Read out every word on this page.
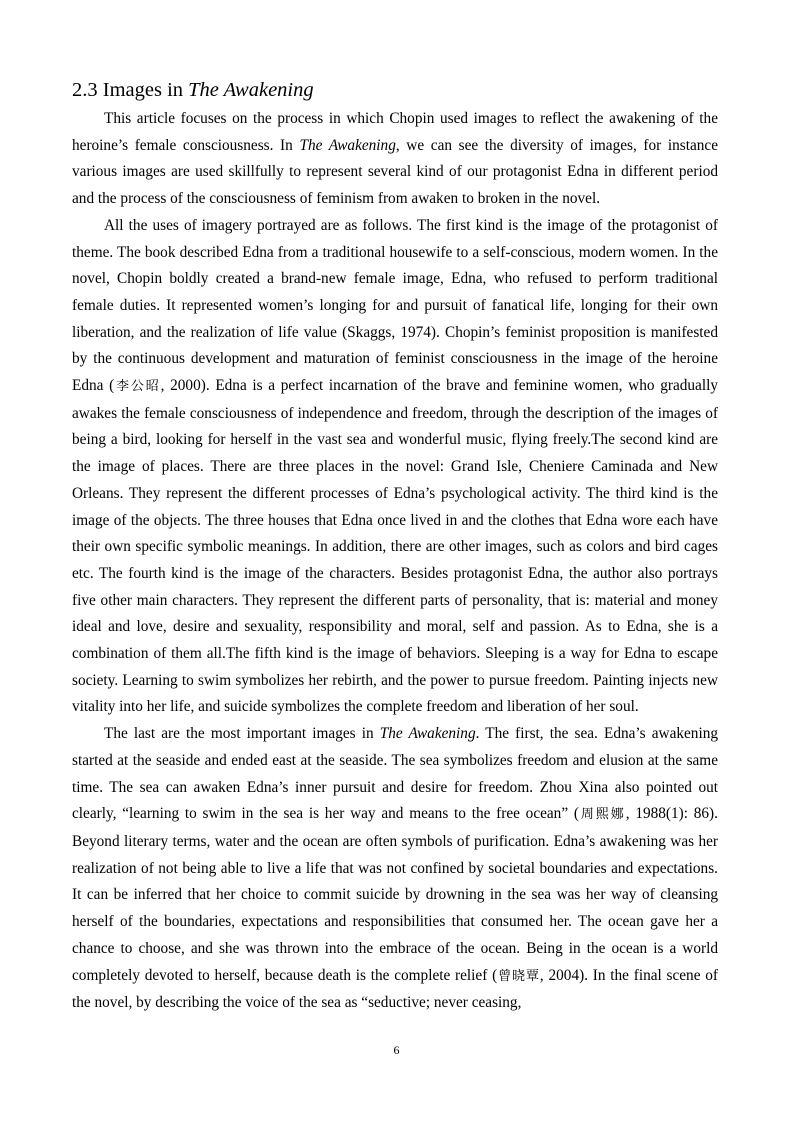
2.3 Images in The Awakening

This article focuses on the process in which Chopin used images to reflect the awakening of the heroine’s female consciousness. In The Awakening, we can see the diversity of images, for instance various images are used skillfully to represent several kind of our protagonist Edna in different period and the process of the consciousness of feminism from awaken to broken in the novel.

All the uses of imagery portrayed are as follows. The first kind is the image of the protagonist of theme. The book described Edna from a traditional housewife to a self-conscious, modern women. In the novel, Chopin boldly created a brand-new female image, Edna, who refused to perform traditional female duties. It represented women’s longing for and pursuit of fanatical life, longing for their own liberation, and the realization of life value (Skaggs, 1974). Chopin’s feminist proposition is manifested by the continuous development and maturation of feminist consciousness in the image of the heroine Edna (李公昭, 2000). Edna is a perfect incarnation of the brave and feminine women, who gradually awakes the female consciousness of independence and freedom, through the description of the images of being a bird, looking for herself in the vast sea and wonderful music, flying freely.The second kind are the image of places. There are three places in the novel: Grand Isle, Cheniere Caminada and New Orleans. They represent the different processes of Edna’s psychological activity. The third kind is the image of the objects. The three houses that Edna once lived in and the clothes that Edna wore each have their own specific symbolic meanings. In addition, there are other images, such as colors and bird cages etc. The fourth kind is the image of the characters. Besides protagonist Edna, the author also portrays five other main characters. They represent the different parts of personality, that is: material and money ideal and love, desire and sexuality, responsibility and moral, self and passion. As to Edna, she is a combination of them all.The fifth kind is the image of behaviors. Sleeping is a way for Edna to escape society. Learning to swim symbolizes her rebirth, and the power to pursue freedom. Painting injects new vitality into her life, and suicide symbolizes the complete freedom and liberation of her soul.

The last are the most important images in The Awakening. The first, the sea. Edna’s awakening started at the seaside and ended east at the seaside. The sea symbolizes freedom and elusion at the same time. The sea can awaken Edna’s inner pursuit and desire for freedom. Zhou Xina also pointed out clearly, “learning to swim in the sea is her way and means to the free ocean” (周熙娜, 1988(1): 86). Beyond literary terms, water and the ocean are often symbols of purification. Edna’s awakening was her realization of not being able to live a life that was not confined by societal boundaries and expectations. It can be inferred that her choice to commit suicide by drowning in the sea was her way of cleansing herself of the boundaries, expectations and responsibilities that consumed her. The ocean gave her a chance to choose, and she was thrown into the embrace of the ocean. Being in the ocean is a world completely devoted to herself, because death is the complete relief (曾晓覃, 2004). In the final scene of the novel, by describing the voice of the sea as “seductive; never ceasing,

6
